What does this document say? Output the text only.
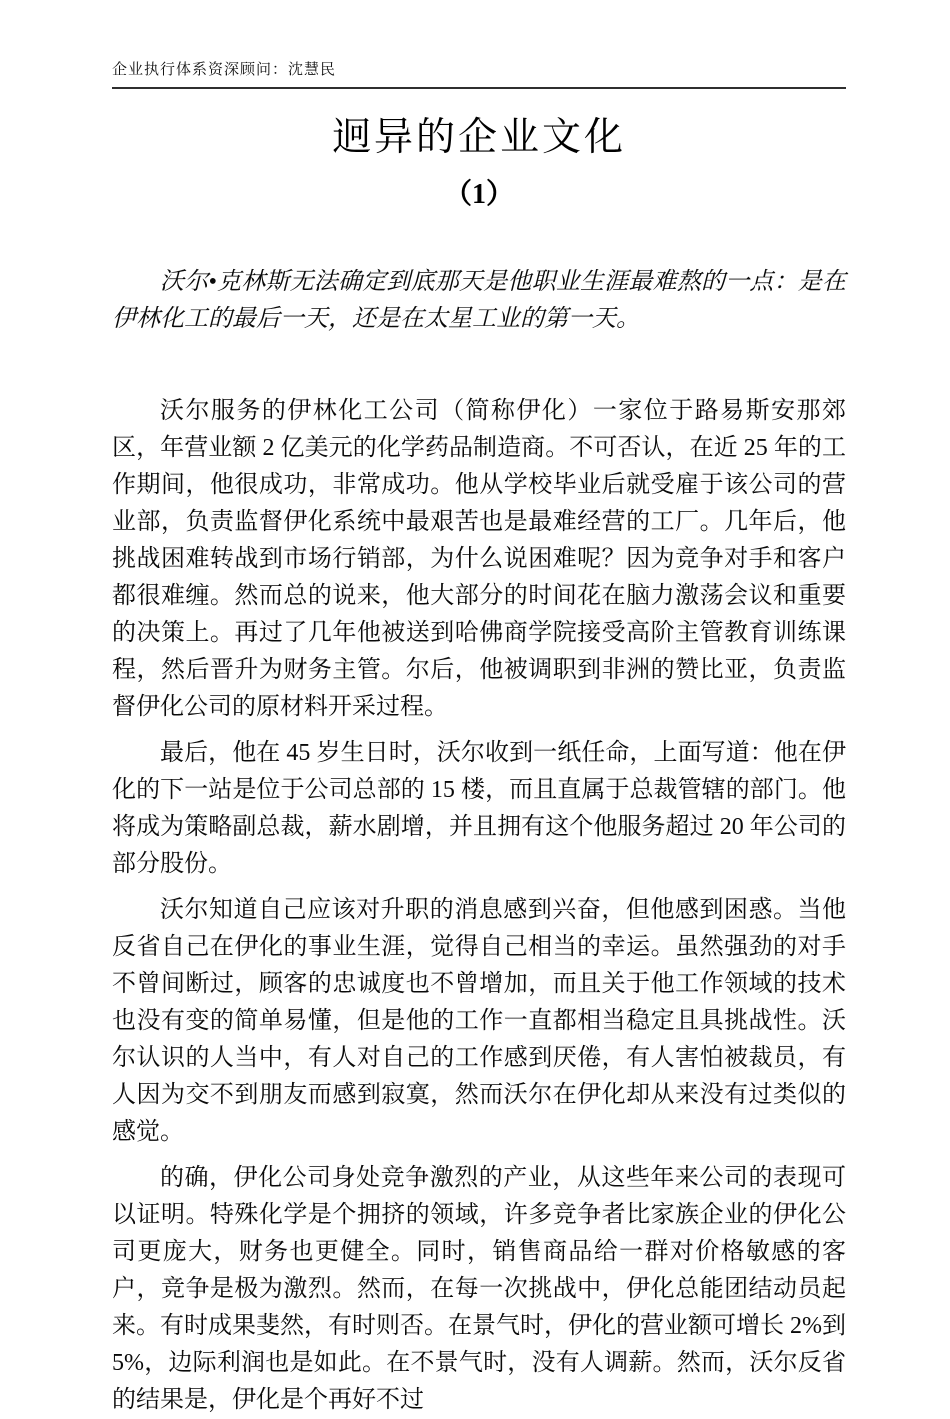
企业执行体系资深顾问：沈慧民
迥异的企业文化
（1）

沃尔•克林斯无法确定到底那天是他职业生涯最难熬的一点：是在伊林化工的最后一天，还是在太星工业的第一天。

沃尔服务的伊林化工公司（简称伊化）一家位于路易斯安那郊区，年营业额 2 亿美元的化学药品制造商。不可否认，在近 25 年的工作期间，他很成功，非常成功。他从学校毕业后就受雇于该公司的营业部，负责监督伊化系统中最艰苦也是最难经营的工厂。几年后，他挑战困难转战到市场行销部，为什么说困难呢？因为竞争对手和客户都很难缠。然而总的说来，他大部分的时间花在脑力激荡会议和重要的决策上。再过了几年他被送到哈佛商学院接受高阶主管教育训练课程，然后晋升为财务主管。尔后，他被调职到非洲的赞比亚，负责监督伊化公司的原材料开采过程。

最后，他在 45 岁生日时，沃尔收到一纸任命，上面写道：他在伊化的下一站是位于公司总部的 15 楼，而且直属于总裁管辖的部门。他将成为策略副总裁，薪水剧增，并且拥有这个他服务超过 20 年公司的部分股份。

沃尔知道自己应该对升职的消息感到兴奋，但他感到困惑。当他反省自己在伊化的事业生涯，觉得自己相当的幸运。虽然强劲的对手不曾间断过，顾客的忠诚度也不曾增加，而且关于他工作领域的技术也没有变的简单易懂，但是他的工作一直都相当稳定且具挑战性。沃尔认识的人当中，有人对自己的工作感到厌倦，有人害怕被裁员，有人因为交不到朋友而感到寂寞，然而沃尔在伊化却从来没有过类似的感觉。

的确，伊化公司身处竞争激烈的产业，从这些年来公司的表现可以证明。特殊化学是个拥挤的领域，许多竞争者比家族企业的伊化公司更庞大，财务也更健全。同时，销售商品给一群对价格敏感的客户，竞争是极为激烈。然而，在每一次挑战中，伊化总能团结动员起来。有时成果斐然，有时则否。在景气时，伊化的营业额可增长 2%到 5%，边际利润也是如此。在不景气时，没有人调薪。然而，沃尔反省的结果是，伊化是个再好不过
